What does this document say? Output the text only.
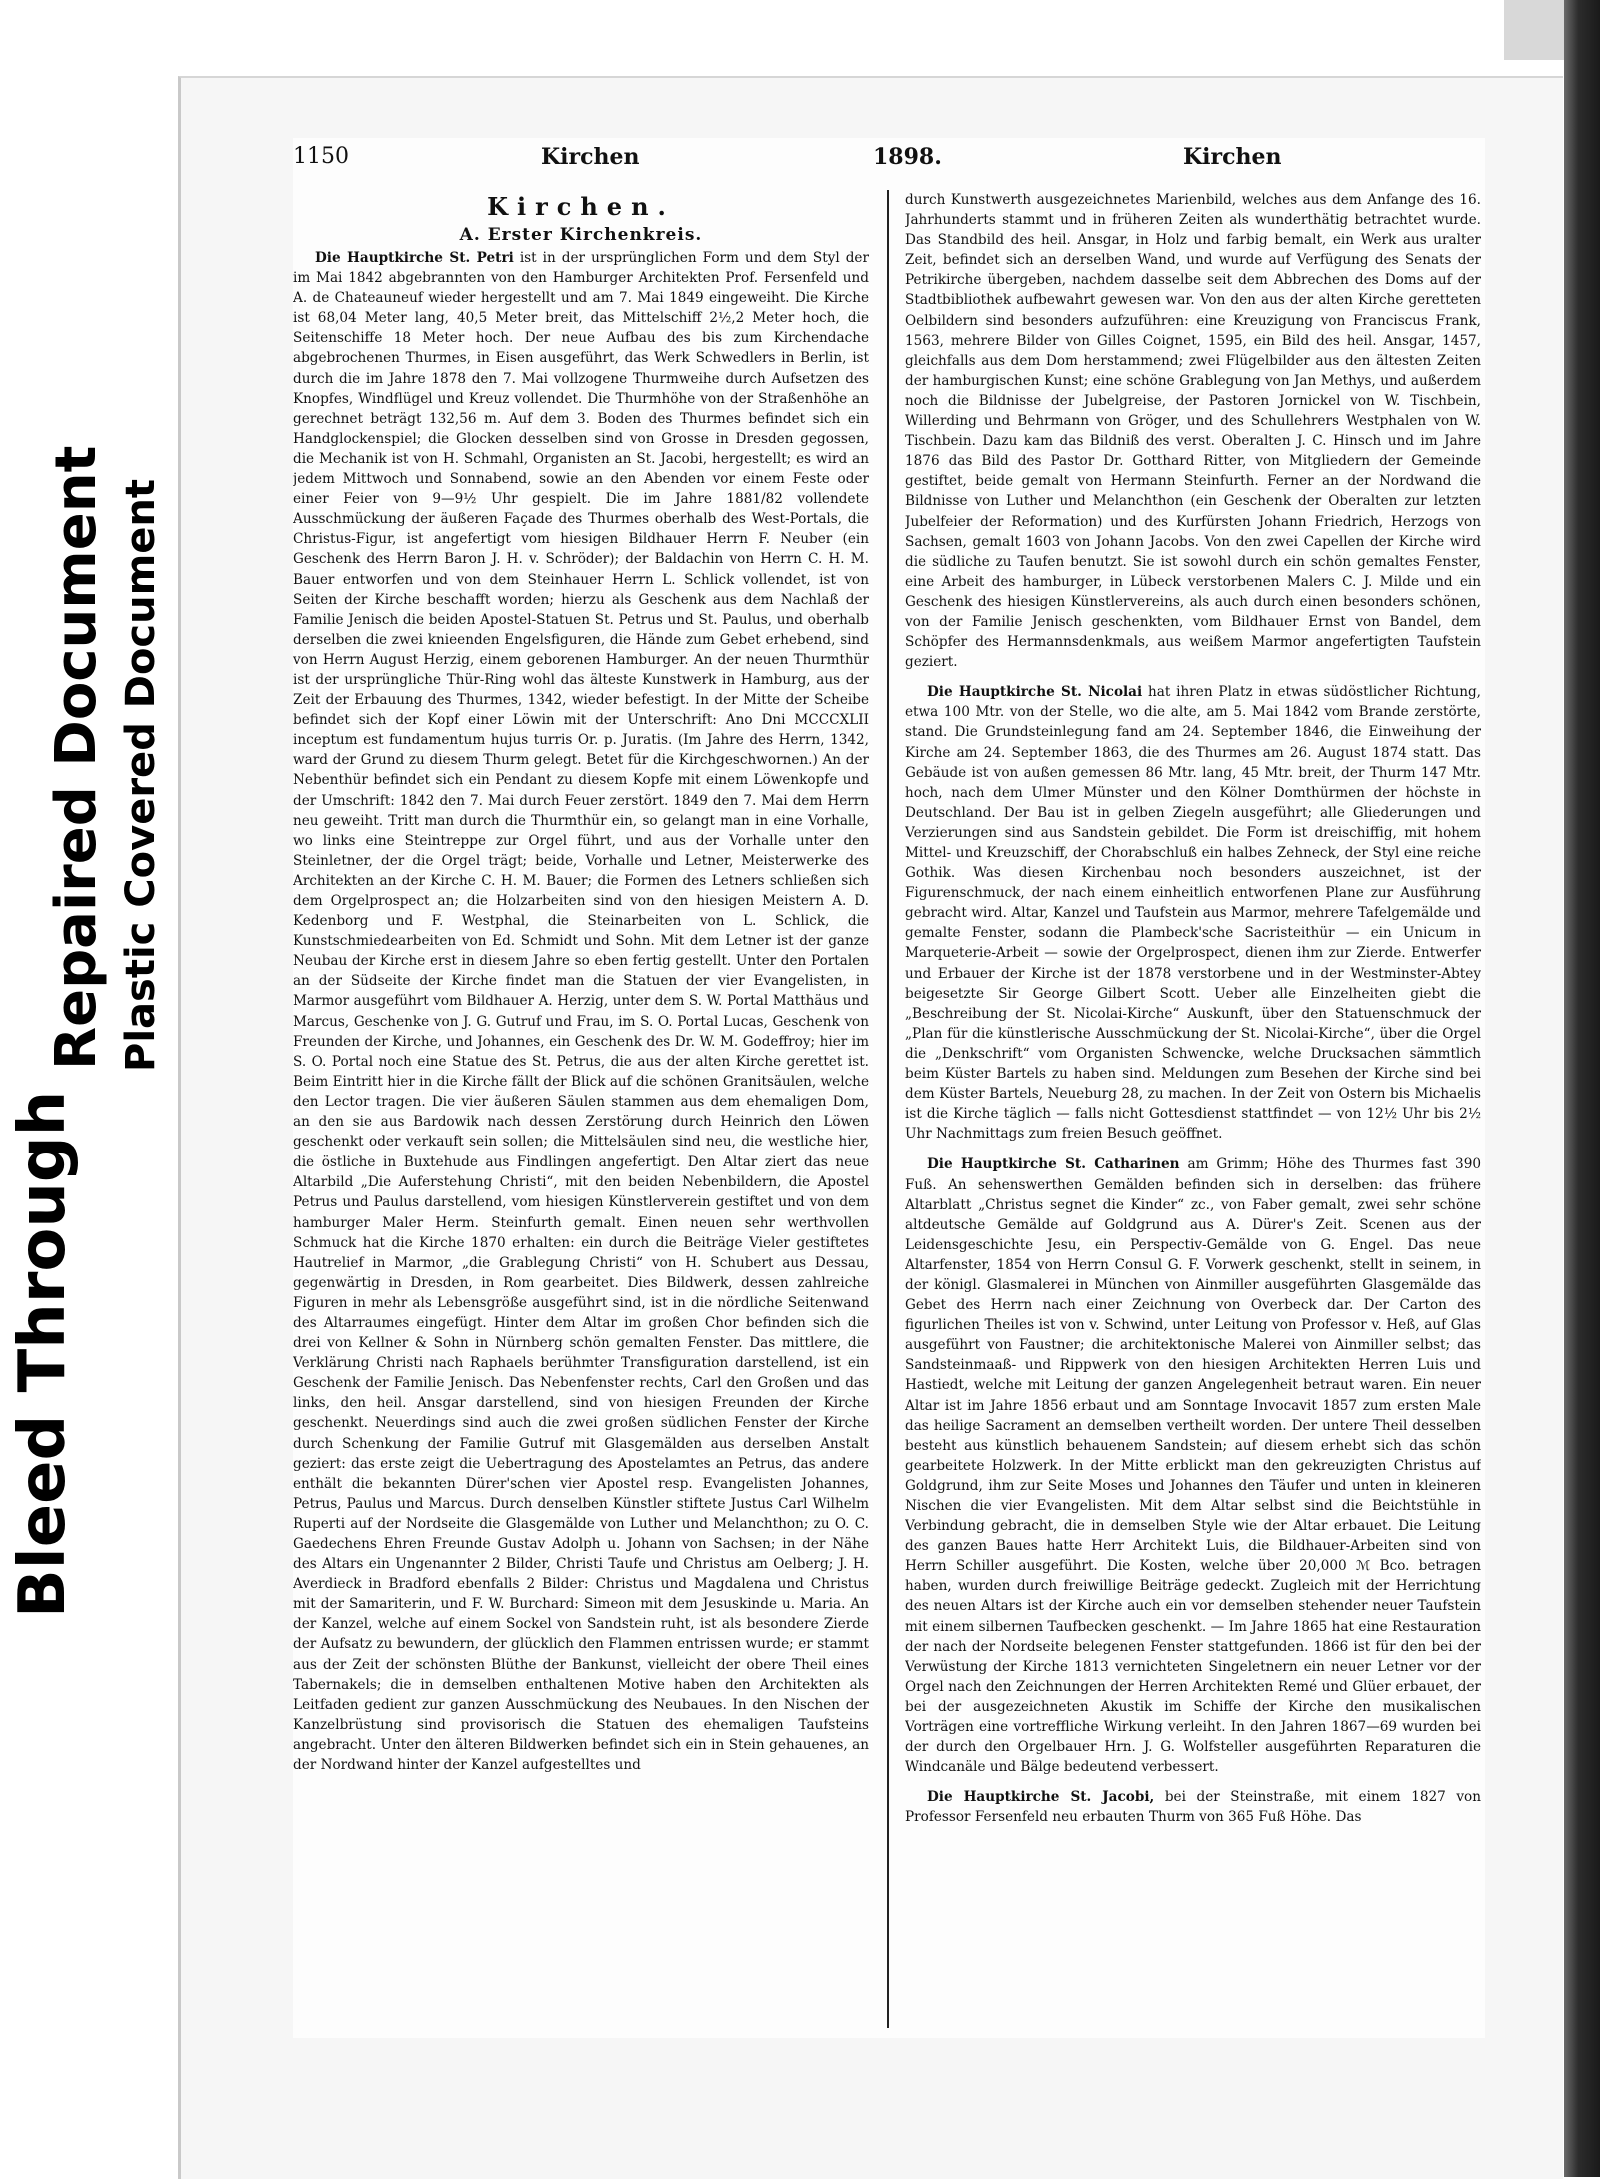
Bleed Through
Repaired Document Plastic Covered Document
1150	Kirchen	1898.	Kirchen
Kirchen.
A. Erster Kirchenkreis.

Die Hauptkirche St. Petri ist in der ursprünglichen Form und dem Styl der im Mai 1842 abgebrannten von den Hamburger Architekten Prof. Fersenfeld und A. de Chateauneuf wieder hergestellt und am 7. Mai 1849 eingeweiht. Die Kirche ist 68,04 Meter lang, 40,5 Meter breit, das Mittelschiff 2½,2 Meter hoch, die Seitenschiffe 18 Meter hoch. Der neue Aufbau des bis zum Kirchendache abgebrochenen Thurmes, in Eisen ausgeführt, das Werk Schwedlers in Berlin, ist durch die im Jahre 1878 den 7. Mai vollzogene Thurmweihe durch Aufsetzen des Knopfes, Windflügel und Kreuz vollendet. Die Thurmhöhe von der Straßenhöhe an gerechnet beträgt 132,56 m. Auf dem 3. Boden des Thurmes befindet sich ein Handglockenspiel; die Glocken desselben sind von Grosse in Dresden gegossen, die Mechanik ist von H. Schmahl, Organisten an St. Jacobi, hergestellt; es wird an jedem Mittwoch und Sonnabend, sowie an den Abenden vor einem Feste oder einer Feier von 9—9½ Uhr gespielt. Die im Jahre 1881/82 vollendete Ausschmückung der äußeren Façade des Thurmes oberhalb des West-Portals, die Christus-Figur, ist angefertigt vom hiesigen Bildhauer Herrn F. Neuber (ein Geschenk des Herrn Baron J. H. v. Schröder); der Baldachin von Herrn C. H. M. Bauer entworfen und von dem Steinhauer Herrn L. Schlick vollendet, ist von Seiten der Kirche beschafft worden; hierzu als Geschenk aus dem Nachlaß der Familie Jenisch die beiden Apostel-Statuen St. Petrus und St. Paulus, und oberhalb derselben die zwei knieenden Engelsfiguren, die Hände zum Gebet erhebend, sind von Herrn August Herzig, einem geborenen Hamburger. An der neuen Thurmthür ist der ursprüngliche Thür-Ring wohl das älteste Kunstwerk in Hamburg, aus der Zeit der Erbauung des Thurmes, 1342, wieder befestigt. In der Mitte der Scheibe befindet sich der Kopf einer Löwin mit der Unterschrift: Ano Dni MCCCXLII inceptum est fundamentum hujus turris Or. p. Juratis. (Im Jahre des Herrn, 1342, ward der Grund zu diesem Thurm gelegt. Betet für die Kirchgeschwornen.) An der Nebenthür befindet sich ein Pendant zu diesem Kopfe mit einem Löwenkopfe und der Umschrift: 1842 den 7. Mai durch Feuer zerstört. 1849 den 7. Mai dem Herrn neu geweiht. Tritt man durch die Thurmthür ein, so gelangt man in eine Vorhalle, wo links eine Steintreppe zur Orgel führt, und aus der Vorhalle unter den Steinletner, der die Orgel trägt; beide, Vorhalle und Letner, Meisterwerke des Architekten an der Kirche C. H. M. Bauer; die Formen des Letners schließen sich dem Orgelprospect an; die Holzarbeiten sind von den hiesigen Meistern A. D. Kedenborg und F. Westphal, die Steinarbeiten von L. Schlick, die Kunstschmiedearbeiten von Ed. Schmidt und Sohn. Mit dem Letner ist der ganze Neubau der Kirche erst in diesem Jahre so eben fertig gestellt. Unter den Portalen an der Südseite der Kirche findet man die Statuen der vier Evangelisten, in Marmor ausgeführt vom Bildhauer A. Herzig, unter dem S. W. Portal Matthäus und Marcus, Geschenke von J. G. Gutruf und Frau, im S. O. Portal Lucas, Geschenk von Freunden der Kirche, und Johannes, ein Geschenk des Dr. W. M. Godeffroy; hier im S. O. Portal noch eine Statue des St. Petrus, die aus der alten Kirche gerettet ist. Beim Eintritt hier in die Kirche fällt der Blick auf die schönen Granitsäulen, welche den Lector tragen. Die vier äußeren Säulen stammen aus dem ehemaligen Dom, an den sie aus Bardowik nach dessen Zerstörung durch Heinrich den Löwen geschenkt oder verkauft sein sollen; die Mittelsäulen sind neu, die westliche hier, die östliche in Buxtehude aus Findlingen angefertigt. Den Altar ziert das neue Altarbild „Die Auferstehung Christi“, mit den beiden Nebenbildern, die Apostel Petrus und Paulus darstellend, vom hiesigen Künstlerverein gestiftet und von dem hamburger Maler Herm. Steinfurth gemalt. Einen neuen sehr werthvollen Schmuck hat die Kirche 1870 erhalten: ein durch die Beiträge Vieler gestiftetes Hautrelief in Marmor, „die Grablegung Christi“ von H. Schubert aus Dessau, gegenwärtig in Dresden, in Rom gearbeitet. Dies Bildwerk, dessen zahlreiche Figuren in mehr als Lebensgröße ausgeführt sind, ist in die nördliche Seitenwand des Altarraumes eingefügt. Hinter dem Altar im großen Chor befinden sich die drei von Kellner & Sohn in Nürnberg schön gemalten Fenster. Das mittlere, die Verklärung Christi nach Raphaels berühmter Transfiguration darstellend, ist ein Geschenk der Familie Jenisch. Das Nebenfenster rechts, Carl den Großen und das links, den heil. Ansgar darstellend, sind von hiesigen Freunden der Kirche geschenkt. Neuerdings sind auch die zwei großen südlichen Fenster der Kirche durch Schenkung der Familie Gutruf mit Glasgemälden aus derselben Anstalt geziert: das erste zeigt die Uebertragung des Apostelamtes an Petrus, das andere enthält die bekannten Dürer'schen vier Apostel resp. Evangelisten Johannes, Petrus, Paulus und Marcus. Durch denselben Künstler stiftete Justus Carl Wilhelm Ruperti auf der Nordseite die Glasgemälde von Luther und Melanchthon; zu O. C. Gaedechens Ehren Freunde Gustav Adolph u. Johann von Sachsen; in der Nähe des Altars ein Ungenannter 2 Bilder, Christi Taufe und Christus am Oelberg; J. H. Averdieck in Bradford ebenfalls 2 Bilder: Christus und Magdalena und Christus mit der Samariterin, und F. W. Burchard: Simeon mit dem Jesuskinde u. Maria. An der Kanzel, welche auf einem Sockel von Sandstein ruht, ist als besondere Zierde der Aufsatz zu bewundern, der glücklich den Flammen entrissen wurde; er stammt aus der Zeit der schönsten Blüthe der Bankunst, vielleicht der obere Theil eines Tabernakels; die in demselben enthaltenen Motive haben den Architekten als Leitfaden gedient zur ganzen Ausschmückung des Neubaues. In den Nischen der Kanzelbrüstung sind provisorisch die Statuen des ehemaligen Taufsteins angebracht. Unter den älteren Bildwerken befindet sich ein in Stein gehauenes, an der Nordwand hinter der Kanzel aufgestelltes und

durch Kunstwerth ausgezeichnetes Marienbild, welches aus dem Anfange des 16. Jahrhunderts stammt und in früheren Zeiten als wunderthätig betrachtet wurde. Das Standbild des heil. Ansgar, in Holz und farbig bemalt, ein Werk aus uralter Zeit, befindet sich an derselben Wand, und wurde auf Verfügung des Senats der Petrikirche übergeben, nachdem dasselbe seit dem Abbrechen des Doms auf der Stadtbibliothek aufbewahrt gewesen war. Von den aus der alten Kirche geretteten Oelbildern sind besonders aufzuführen: eine Kreuzigung von Franciscus Frank, 1563, mehrere Bilder von Gilles Coignet, 1595, ein Bild des heil. Ansgar, 1457, gleichfalls aus dem Dom herstammend; zwei Flügelbilder aus den ältesten Zeiten der hamburgischen Kunst; eine schöne Grablegung von Jan Methys, und außerdem noch die Bildnisse der Jubelgreise, der Pastoren Jornickel von W. Tischbein, Willerding und Behrmann von Gröger, und des Schullehrers Westphalen von W. Tischbein. Dazu kam das Bildniß des verst. Oberalten J. C. Hinsch und im Jahre 1876 das Bild des Pastor Dr. Gotthard Ritter, von Mitgliedern der Gemeinde gestiftet, beide gemalt von Hermann Steinfurth. Ferner an der Nordwand die Bildnisse von Luther und Melanchthon (ein Geschenk der Oberalten zur letzten Jubelfeier der Reformation) und des Kurfürsten Johann Friedrich, Herzogs von Sachsen, gemalt 1603 von Johann Jacobs. Von den zwei Capellen der Kirche wird die südliche zu Taufen benutzt. Sie ist sowohl durch ein schön gemaltes Fenster, eine Arbeit des hamburger, in Lübeck verstorbenen Malers C. J. Milde und ein Geschenk des hiesigen Künstlervereins, als auch durch einen besonders schönen, von der Familie Jenisch geschenkten, vom Bildhauer Ernst von Bandel, dem Schöpfer des Hermannsdenkmals, aus weißem Marmor angefertigten Taufstein geziert.

Die Hauptkirche St. Nicolai hat ihren Platz in etwas südöstlicher Richtung, etwa 100 Mtr. von der Stelle, wo die alte, am 5. Mai 1842 vom Brande zerstörte, stand. Die Grundsteinlegung fand am 24. September 1846, die Einweihung der Kirche am 24. September 1863, die des Thurmes am 26. August 1874 statt. Das Gebäude ist von außen gemessen 86 Mtr. lang, 45 Mtr. breit, der Thurm 147 Mtr. hoch, nach dem Ulmer Münster und den Kölner Domthürmen der höchste in Deutschland. Der Bau ist in gelben Ziegeln ausgeführt; alle Gliederungen und Verzierungen sind aus Sandstein gebildet. Die Form ist dreischiffig, mit hohem Mittel- und Kreuzschiff, der Chorabschluß ein halbes Zehneck, der Styl eine reiche Gothik. Was diesen Kirchenbau noch besonders auszeichnet, ist der Figurenschmuck, der nach einem einheitlich entworfenen Plane zur Ausführung gebracht wird. Altar, Kanzel und Taufstein aus Marmor, mehrere Tafelgemälde und gemalte Fenster, sodann die Plambeck'sche Sacristeithür — ein Unicum in Marqueterie-Arbeit — sowie der Orgelprospect, dienen ihm zur Zierde. Entwerfer und Erbauer der Kirche ist der 1878 verstorbene und in der Westminster-Abtey beigesetzte Sir George Gilbert Scott. Ueber alle Einzelheiten giebt die „Beschreibung der St. Nicolai-Kirche“ Auskunft, über den Statuenschmuck der „Plan für die künstlerische Ausschmückung der St. Nicolai-Kirche“, über die Orgel die „Denkschrift“ vom Organisten Schwencke, welche Drucksachen sämmtlich beim Küster Bartels zu haben sind. Meldungen zum Besehen der Kirche sind bei dem Küster Bartels, Neueburg 28, zu machen. In der Zeit von Ostern bis Michaelis ist die Kirche täglich — falls nicht Gottesdienst stattfindet — von 12½ Uhr bis 2½ Uhr Nachmittags zum freien Besuch geöffnet.

Die Hauptkirche St. Catharinen am Grimm; Höhe des Thurmes fast 390 Fuß. An sehenswerthen Gemälden befinden sich in derselben: das frühere Altarblatt „Christus segnet die Kinder“ zc., von Faber gemalt, zwei sehr schöne altdeutsche Gemälde auf Goldgrund aus A. Dürer's Zeit. Scenen aus der Leidensgeschichte Jesu, ein Perspectiv-Gemälde von G. Engel. Das neue Altarfenster, 1854 von Herrn Consul G. F. Vorwerk geschenkt, stellt in seinem, in der königl. Glasmalerei in München von Ainmiller ausgeführten Glasgemälde das Gebet des Herrn nach einer Zeichnung von Overbeck dar. Der Carton des figurlichen Theiles ist von v. Schwind, unter Leitung von Professor v. Heß, auf Glas ausgeführt von Faustner; die architektonische Malerei von Ainmiller selbst; das Sandsteinmaaß- und Rippwerk von den hiesigen Architekten Herren Luis und Hastiedt, welche mit Leitung der ganzen Angelegenheit betraut waren. Ein neuer Altar ist im Jahre 1856 erbaut und am Sonntage Invocavit 1857 zum ersten Male das heilige Sacrament an demselben vertheilt worden. Der untere Theil desselben besteht aus künstlich behauenem Sandstein; auf diesem erhebt sich das schön gearbeitete Holzwerk. In der Mitte erblickt man den gekreuzigten Christus auf Goldgrund, ihm zur Seite Moses und Johannes den Täufer und unten in kleineren Nischen die vier Evangelisten. Mit dem Altar selbst sind die Beichtstühle in Verbindung gebracht, die in demselben Style wie der Altar erbauet. Die Leitung des ganzen Baues hatte Herr Architekt Luis, die Bildhauer-Arbeiten sind von Herrn Schiller ausgeführt. Die Kosten, welche über 20,000 ℳ Bco. betragen haben, wurden durch freiwillige Beiträge gedeckt. Zugleich mit der Herrichtung des neuen Altars ist der Kirche auch ein vor demselben stehender neuer Taufstein mit einem silbernen Taufbecken geschenkt. — Im Jahre 1865 hat eine Restauration der nach der Nordseite belegenen Fenster stattgefunden. 1866 ist für den bei der Verwüstung der Kirche 1813 vernichteten Singeletnern ein neuer Letner vor der Orgel nach den Zeichnungen der Herren Architekten Remé und Glüer erbauet, der bei der ausgezeichneten Akustik im Schiffe der Kirche den musikalischen Vorträgen eine vortreffliche Wirkung verleiht. In den Jahren 1867—69 wurden bei der durch den Orgelbauer Hrn. J. G. Wolfsteller ausgeführten Reparaturen die Windcanäle und Bälge bedeutend verbessert.

Die Hauptkirche St. Jacobi, bei der Steinstraße, mit einem 1827 von Professor Fersenfeld neu erbauten Thurm von 365 Fuß Höhe. Das
